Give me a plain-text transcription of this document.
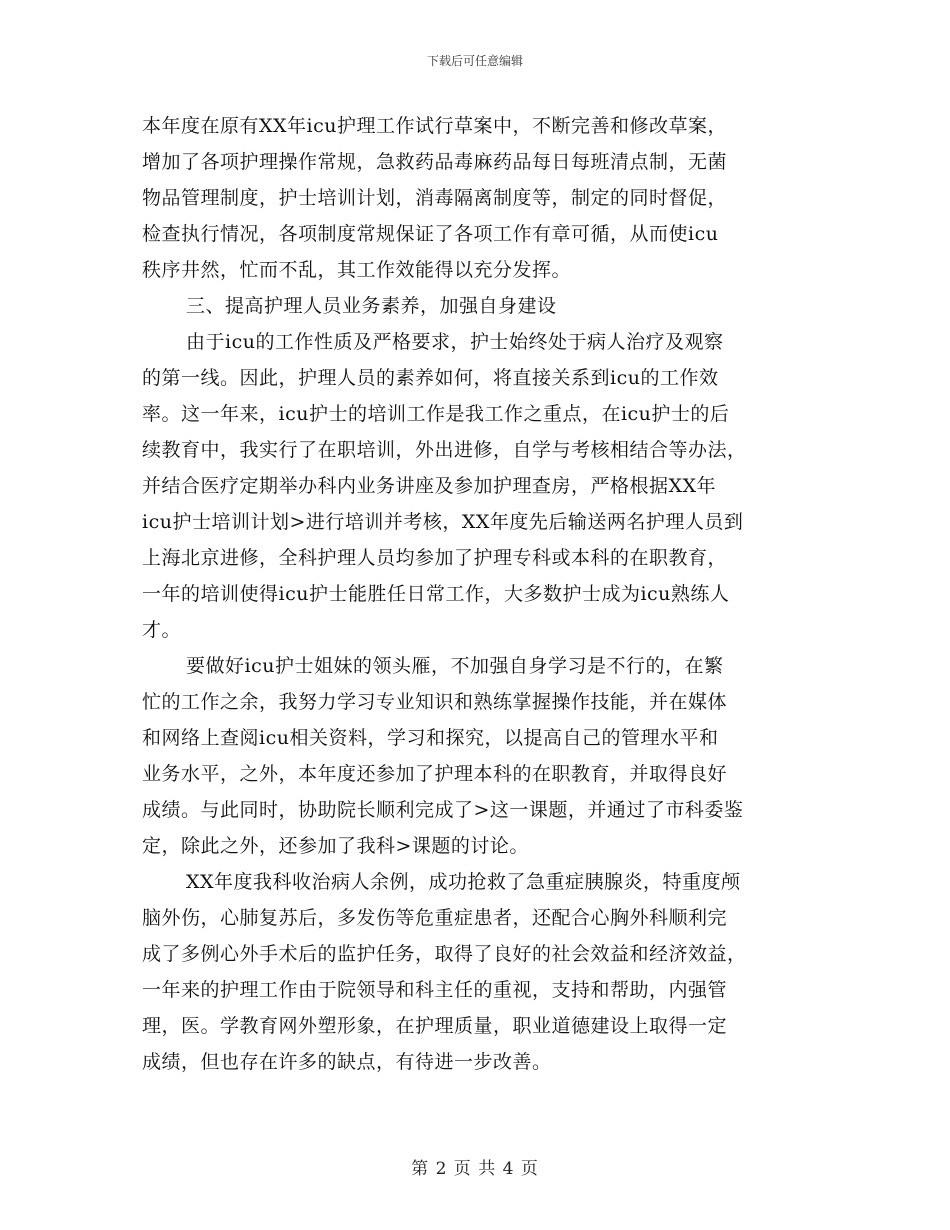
下载后可任意编辑
本年度在原有XX年icu护理工作试行草案中，不断完善和修改草案，
增加了各项护理操作常规，急救药品毒麻药品每日每班清点制，无菌
物品管理制度，护士培训计划，消毒隔离制度等，制定的同时督促，
检查执行情况，各项制度常规保证了各项工作有章可循，从而使icu
秩序井然，忙而不乱，其工作效能得以充分发挥。
三、提高护理人员业务素养，加强自身建设
由于icu的工作性质及严格要求，护士始终处于病人治疗及观察
的第一线。因此，护理人员的素养如何，将直接关系到icu的工作效
率。这一年来，icu护士的培训工作是我工作之重点，在icu护士的后
续教育中，我实行了在职培训，外出进修，自学与考核相结合等办法，
并结合医疗定期举办科内业务讲座及参加护理查房，严格根据XX年
icu护士培训计划>进行培训并考核，XX年度先后输送两名护理人员到
上海北京进修，全科护理人员均参加了护理专科或本科的在职教育，
一年的培训使得icu护士能胜任日常工作，大多数护士成为icu熟练人
才。
要做好icu护士姐妹的领头雁，不加强自身学习是不行的，在繁
忙的工作之余，我努力学习专业知识和熟练掌握操作技能，并在媒体
和网络上查阅icu相关资料，学习和探究，以提高自己的管理水平和
业务水平，之外，本年度还参加了护理本科的在职教育，并取得良好
成绩。与此同时，协助院长顺利完成了>这一课题，并通过了市科委鉴
定，除此之外，还参加了我科>课题的讨论。
XX年度我科收治病人余例，成功抢救了急重症胰腺炎，特重度颅
脑外伤，心肺复苏后，多发伤等危重症患者，还配合心胸外科顺利完
成了多例心外手术后的监护任务，取得了良好的社会效益和经济效益，
一年来的护理工作由于院领导和科主任的重视，支持和帮助，内强管
理，医。学教育网外塑形象，在护理质量，职业道德建设上取得一定
成绩，但也存在许多的缺点，有待进一步改善。
第 2 页 共 4 页
